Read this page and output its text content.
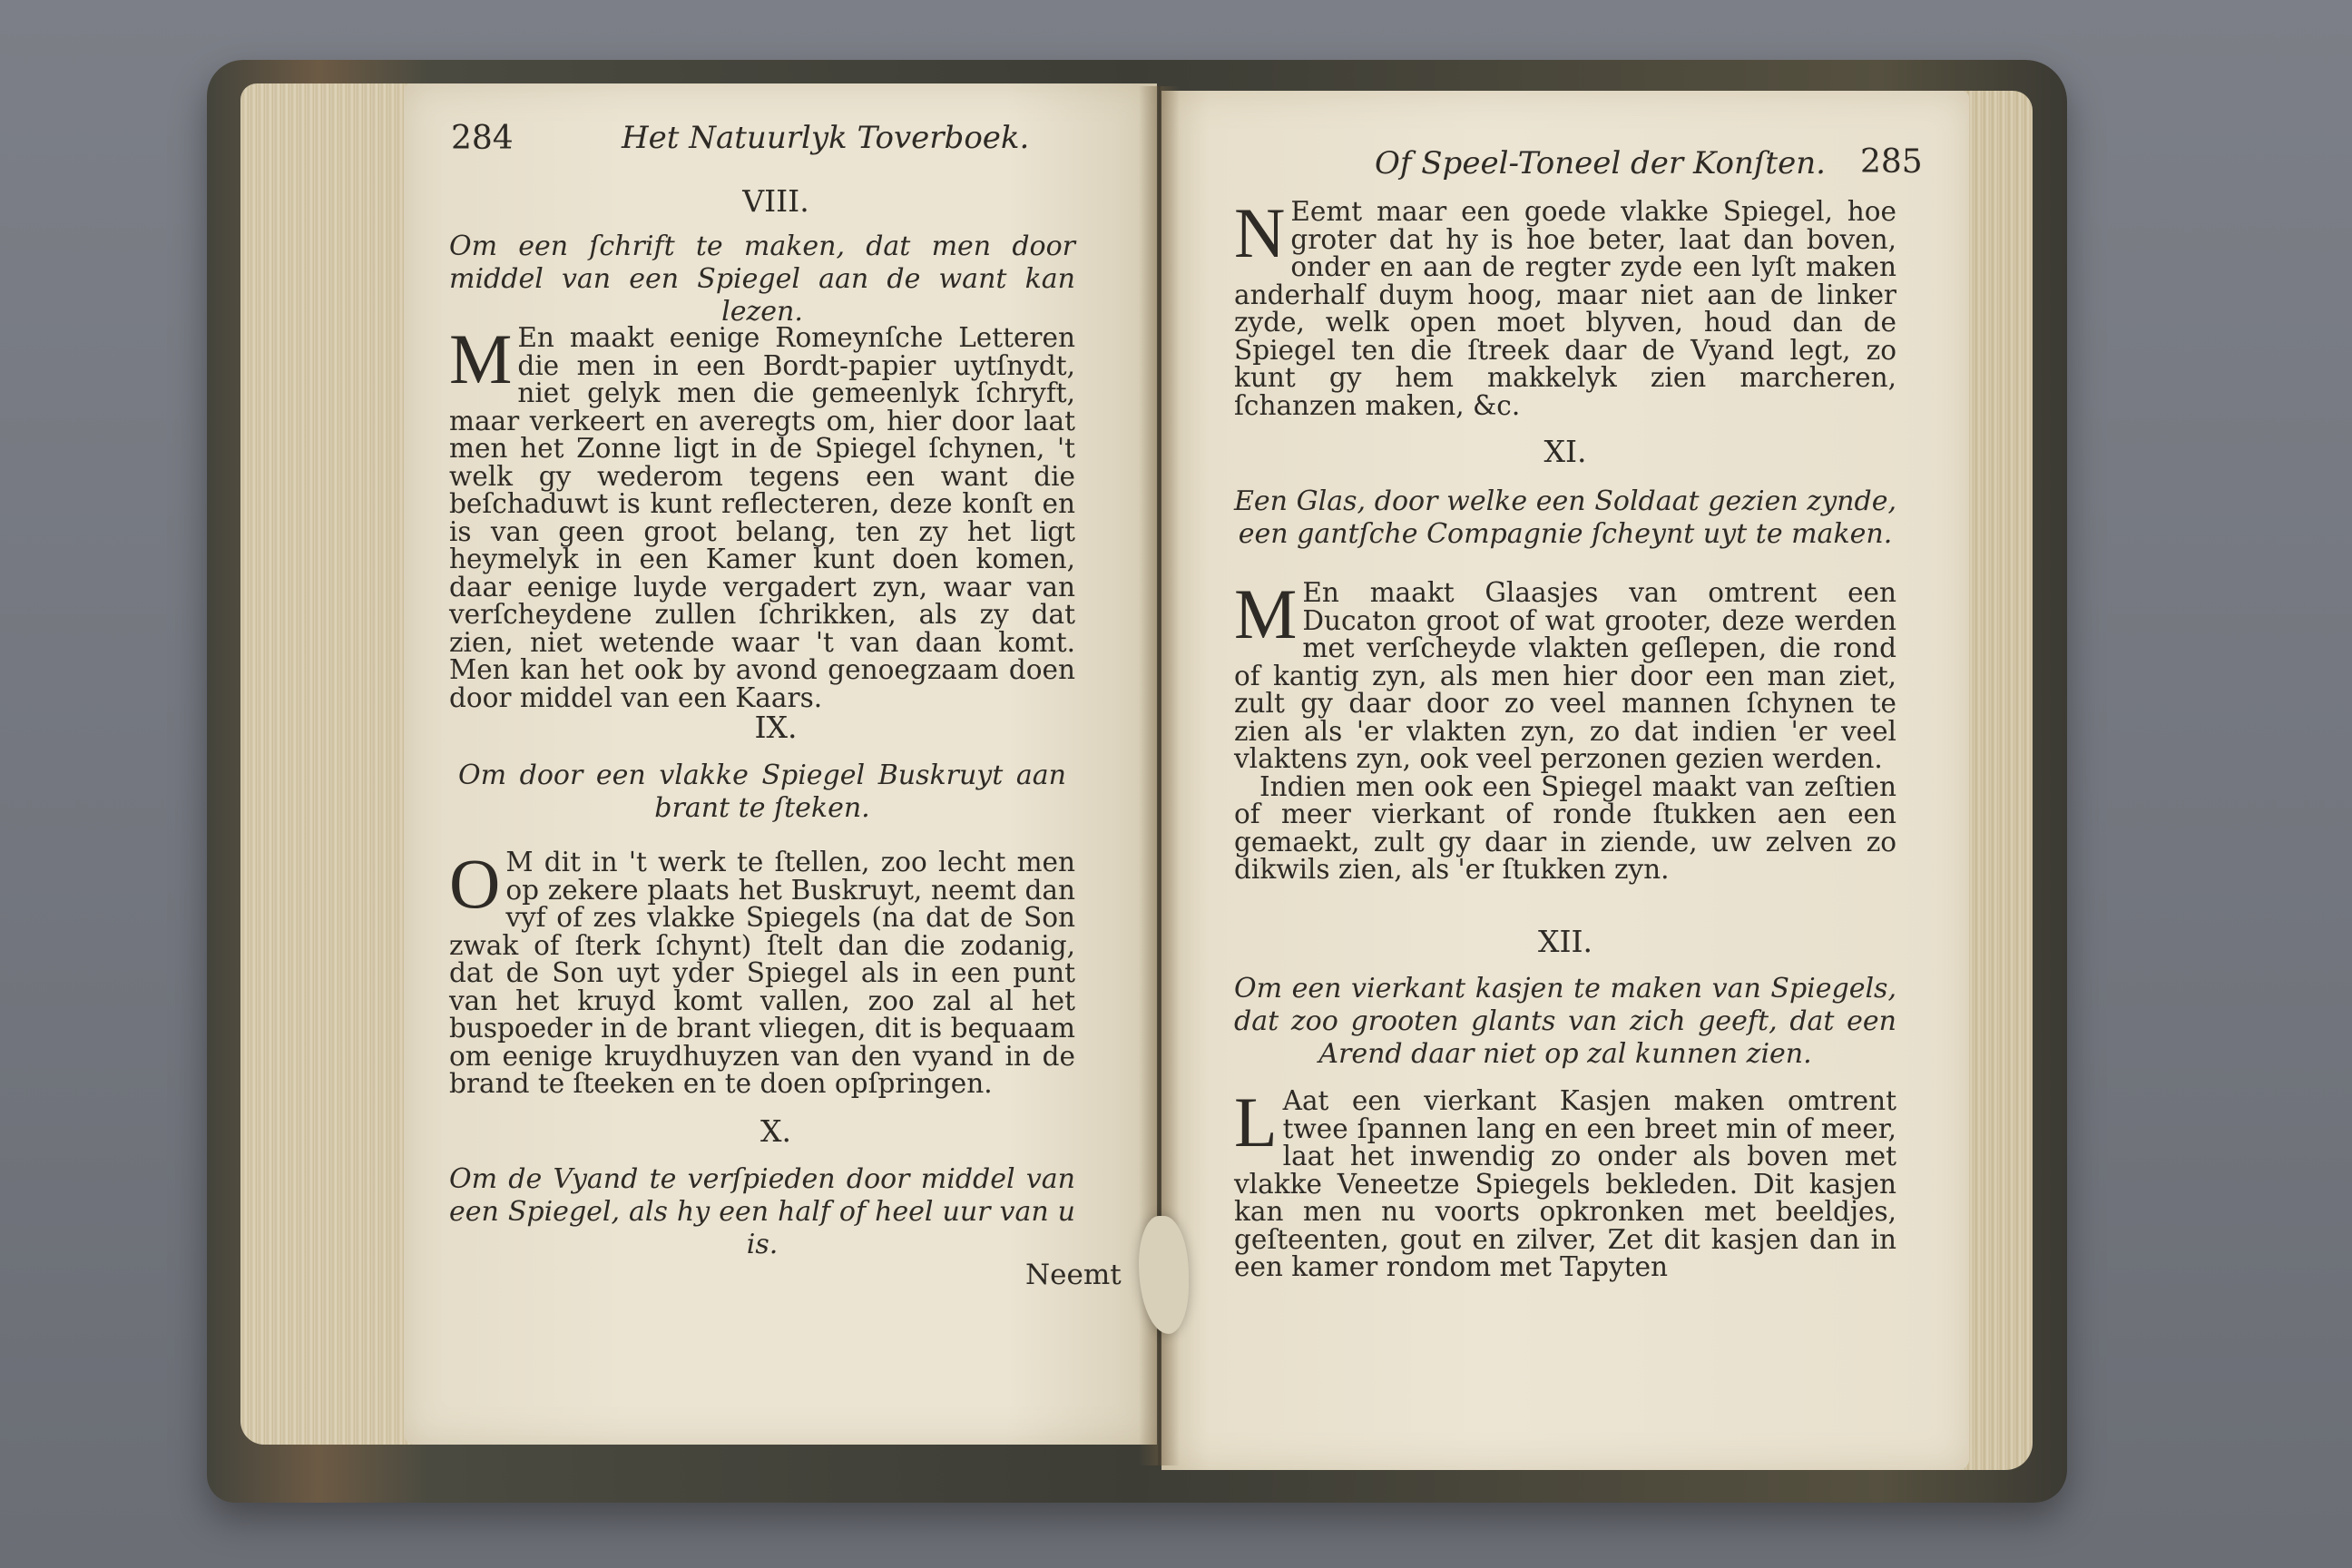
284	Het Natuurlyk Toverboek.
VIII.

Om een ſchrift te maken, dat men door middel van een Spiegel aan de want kan lezen.

M En maakt eenige Romeynſche Letteren die men in een Bordt-papier uytſnydt, niet gelyk men die gemeenlyk ſchryft, maar verkeert en averegts om, hier door laat men het Zonne ligt in de Spiegel ſchynen, 't welk gy wederom tegens een want die beſchaduwt is kunt reflecteren, deze konſt en is van geen groot belang, ten zy het ligt heymelyk in een Kamer kunt doen komen, daar eenige luyde vergadert zyn, waar van verſcheydene zullen ſchrikken, als zy dat zien, niet wetende waar 't van daan komt. Men kan het ook by avond genoegzaam doen door middel van een Kaars.
IX.

Om door een vlakke Spiegel Buskruyt aan brant te ſteken.

O M dit in 't werk te ſtellen, zoo lecht men op zekere plaats het Buskruyt, neemt dan vyf of zes vlakke Spiegels (na dat de Son zwak of ſterk ſchynt) ſtelt dan die zodanig, dat de Son uyt yder Spiegel als in een punt van het kruyd komt vallen, zoo zal al het buspoeder in de brant vliegen, dit is bequaam om eenige kruydhuyzen van den vyand in de brand te ſteeken en te doen opſpringen.
X.

Om de Vyand te verſpieden door middel van een Spiegel, als hy een half of heel uur van u is.

Neemt
Of Speel-Toneel der Konſten. 285
N Eemt maar een goede vlakke Spiegel, hoe groter dat hy is hoe beter, laat dan boven, onder en aan de regter zyde een lyſt maken anderhalf duym hoog, maar niet aan de linker zyde, welk open moet blyven, houd dan de Spiegel ten die ſtreek daar de Vyand legt, zo kunt gy hem makkelyk zien marcheren, ſchanzen maken, &c.
XI.

Een Glas, door welke een Soldaat gezien zynde, een gantſche Compagnie ſcheynt uyt te maken.

M En maakt Glaasjes van omtrent een Ducaton groot of wat grooter, deze werden met verſcheyde vlakten geſlepen, die rond of kantig zyn, als men hier door een man ziet, zult gy daar door zo veel mannen ſchynen te zien als 'er vlakten zyn, zo dat indien 'er veel vlaktens zyn, ook veel perzonen gezien werden.
Indien men ook een Spiegel maakt van zeſtien of meer vierkant of ronde ſtukken aen een gemaekt, zult gy daar in ziende, uw zelven zo dikwils zien, als 'er ſtukken zyn.
XII.

Om een vierkant kasjen te maken van Spiegels, dat zoo grooten glants van zich geeft, dat een Arend daar niet op zal kunnen zien.

L Aat een vierkant Kasjen maken omtrent twee ſpannen lang en een breet min of meer, laat het inwendig zo onder als boven met vlakke Veneetze Spiegels bekleden. Dit kasjen kan men nu voorts opkronken met beeldjes, geſteenten, gout en zilver, Zet dit kasjen dan in een kamer rondom met Tapyten
